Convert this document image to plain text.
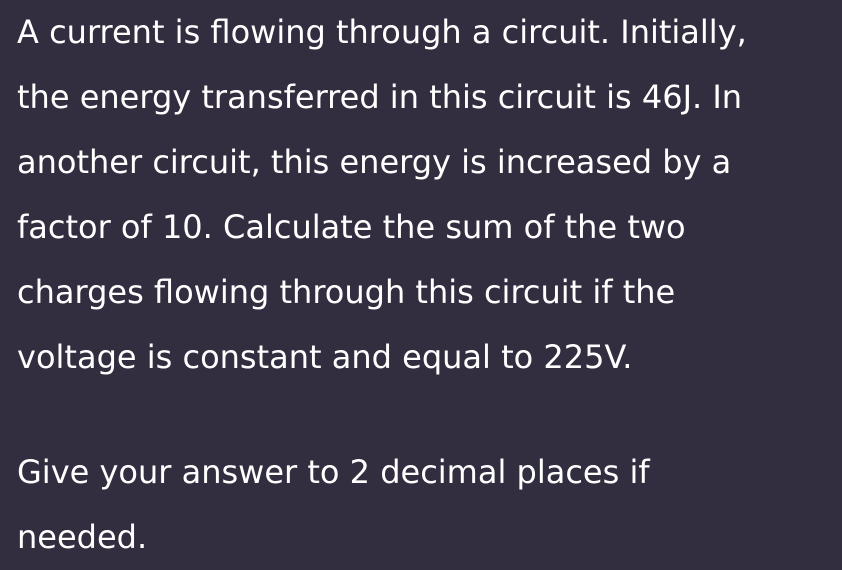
A current is flowing through a circuit. Initially,
the energy transferred in this circuit is 46J. In
another circuit, this energy is increased by a
factor of 10. Calculate the sum of the two
charges flowing through this circuit if the
voltage is constant and equal to 225V.
Give your answer to 2 decimal places if
needed.
